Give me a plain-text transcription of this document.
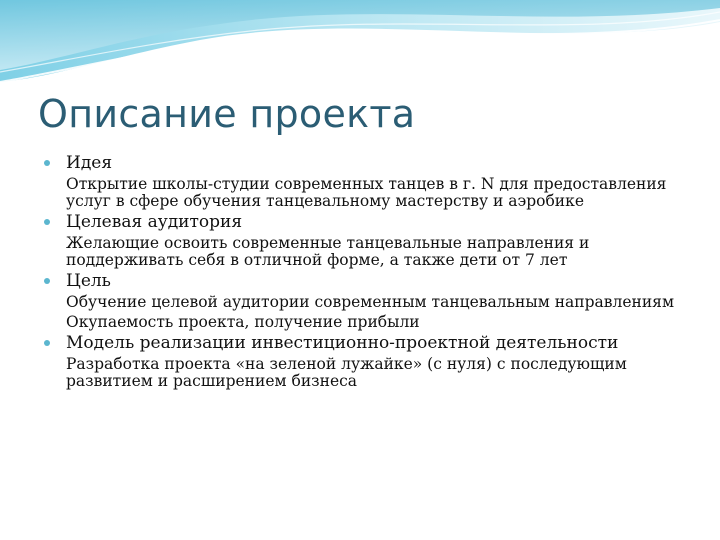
Описание проекта
Идея
Открытие школы-студии современных танцев в г. N для предоставления услуг в сфере обучения танцевальному мастерству и аэробике
Целевая аудитория
Желающие освоить современные танцевальные направления и поддерживать себя в отличной форме, а также дети от 7 лет
Цель
Обучение целевой аудитории современным танцевальным направлениям
Окупаемость проекта, получение прибыли
Модель реализации инвестиционно-проектной деятельности
Разработка проекта «на зеленой лужайке» (с нуля) с последующим развитием и расширением бизнеса
